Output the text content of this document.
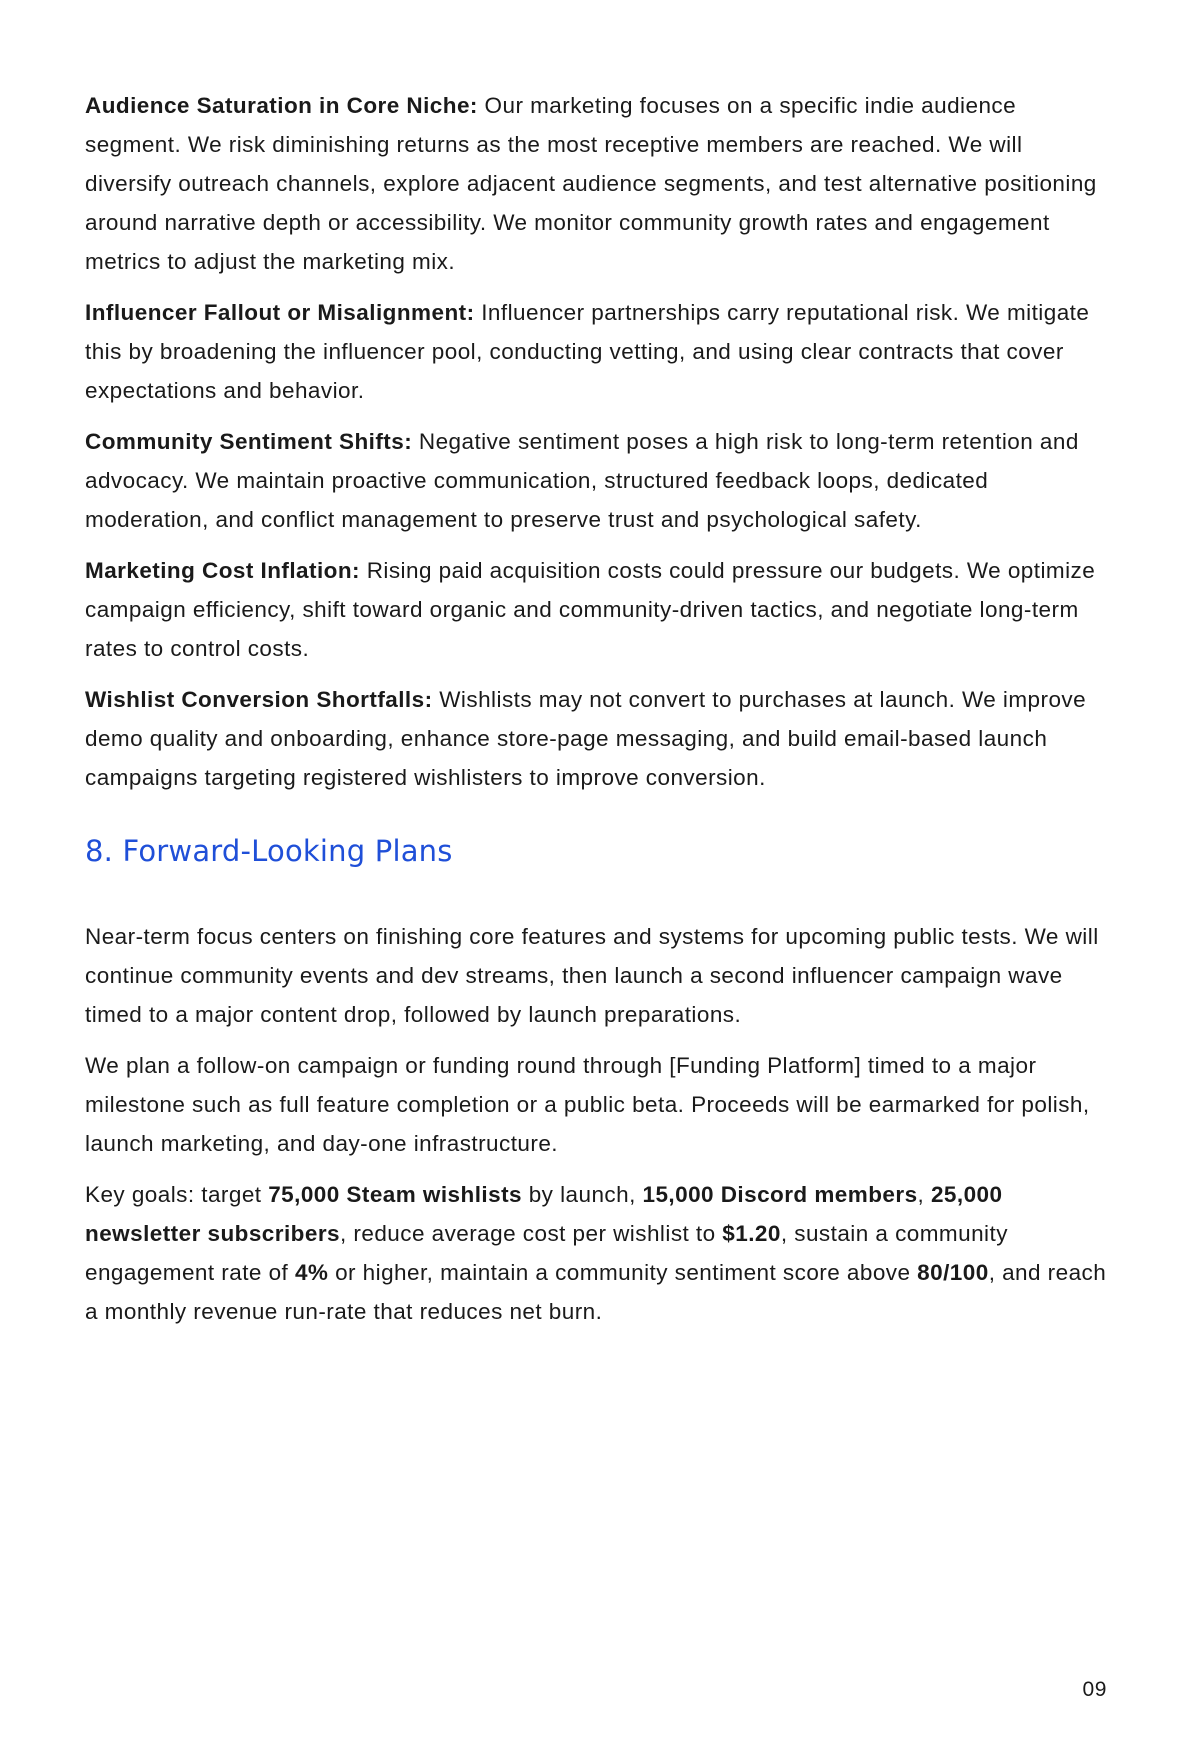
Audience Saturation in Core Niche: Our marketing focuses on a specific indie audience segment. We risk diminishing returns as the most receptive members are reached. We will diversify outreach channels, explore adjacent audience segments, and test alternative positioning around narrative depth or accessibility. We monitor community growth rates and engagement metrics to adjust the marketing mix.

Influencer Fallout or Misalignment: Influencer partnerships carry reputational risk. We mitigate this by broadening the influencer pool, conducting vetting, and using clear contracts that cover expectations and behavior.

Community Sentiment Shifts: Negative sentiment poses a high risk to long-term retention and advocacy. We maintain proactive communication, structured feedback loops, dedicated moderation, and conflict management to preserve trust and psychological safety.

Marketing Cost Inflation: Rising paid acquisition costs could pressure our budgets. We optimize campaign efficiency, shift toward organic and community-driven tactics, and negotiate long-term rates to control costs.

Wishlist Conversion Shortfalls: Wishlists may not convert to purchases at launch. We improve demo quality and onboarding, enhance store-page messaging, and build email-based launch campaigns targeting registered wishlisters to improve conversion.

8. Forward-Looking Plans

Near-term focus centers on finishing core features and systems for upcoming public tests. We will continue community events and dev streams, then launch a second influencer campaign wave timed to a major content drop, followed by launch preparations.

We plan a follow-on campaign or funding round through [Funding Platform] timed to a major milestone such as full feature completion or a public beta. Proceeds will be earmarked for polish, launch marketing, and day-one infrastructure.

Key goals: target 75,000 Steam wishlists by launch, 15,000 Discord members, 25,000 newsletter subscribers, reduce average cost per wishlist to $1.20, sustain a community engagement rate of 4% or higher, maintain a community sentiment score above 80/100, and reach a monthly revenue run-rate that reduces net burn.

09
